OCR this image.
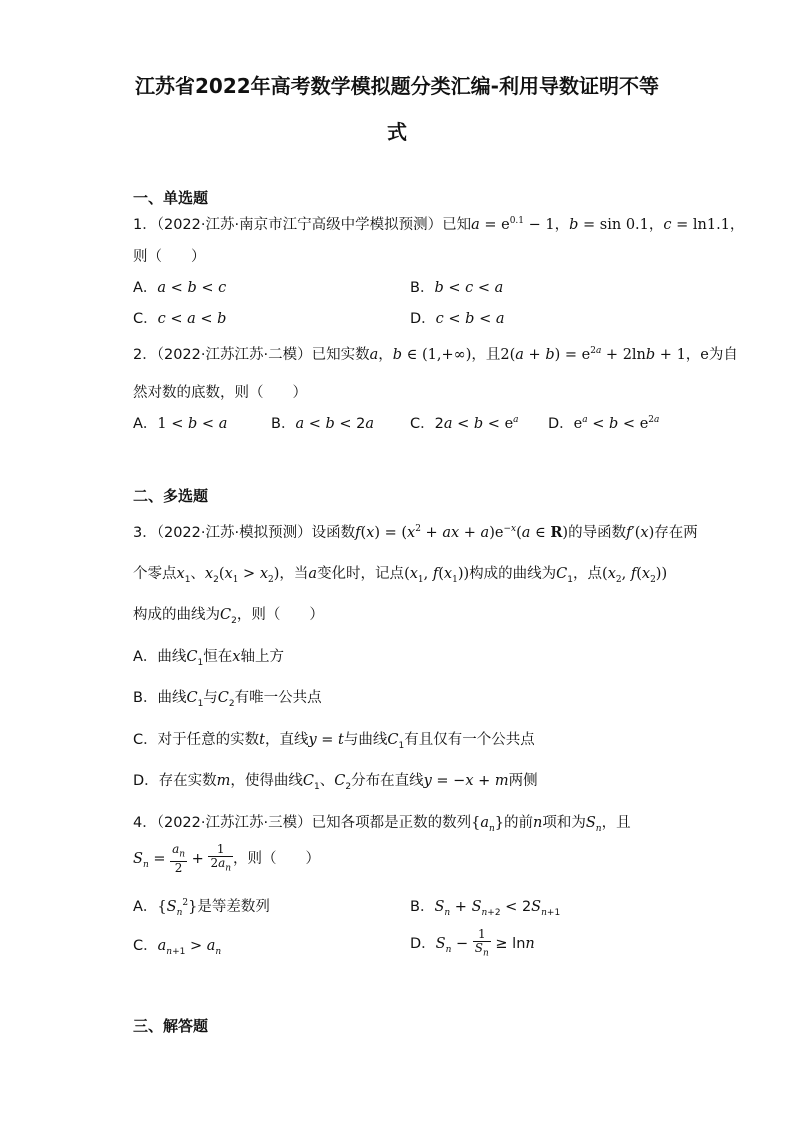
江苏省2022年高考数学模拟题分类汇编-利用导数证明不等
式
一、单选题
1．（2022·江苏·南京市江宁高级中学模拟预测）已知$a = e^{0.1} - 1$，b = sin 0.1，c = ln1.1，
则（　　）
A．a < b < c	B．b < c < a
C．c < a < b	D．c < b < a
2．（2022·江苏江苏·二模）已知实数a，b ∈ (1,+∞)，且$2(a + b) = e^{2a} + 2\ln b + 1$，e为自
然对数的底数，则（　　）
A．1 < b < a	B．a < b < 2a C．$2a < b < e^a$ D．$e^a < b < e^{2a}$
二、多选题
3．（2022·江苏·模拟预测）设函数$f(x) = (x^2$ + ax + $a)e^{-x}(a$ ∈ R)的导函数f′(x)存在两
个零点$x_1$、$x_2(x_1 > x_2)$，当a变化时，记点($x_1$, $f(x_1)$)构成的曲线为$C_1$，点($x_2$, $f(x_2)$)
构成的曲线为$C_2$，则（　　）
A．曲线$C_1$恒在x轴上方
B．曲线$C_1$与$C_2$有唯一公共点
C．对于任意的实数t，直线y = t与曲线$C_1$有且仅有一个公共点
D．存在实数m，使得曲线$C_1$、$C_2$分布在直线y = −x + m两侧
4．（2022·江苏江苏·三模）已知各项都是正数的数列$\{a_n\}$的前n项和为$S_n$，且
$S_n = \frac{a_n}{2} + \frac{1}{2a_n}$ ，则（　　）
A．$\{S_n^2\}$是等差数列	B．$S_n + S_{n+2} < 2S_{n+1}$
C．$a_{n+1} > a_n$	D．$S_n - \frac{1}{S_n} \ge \ln n$
三、解答题
